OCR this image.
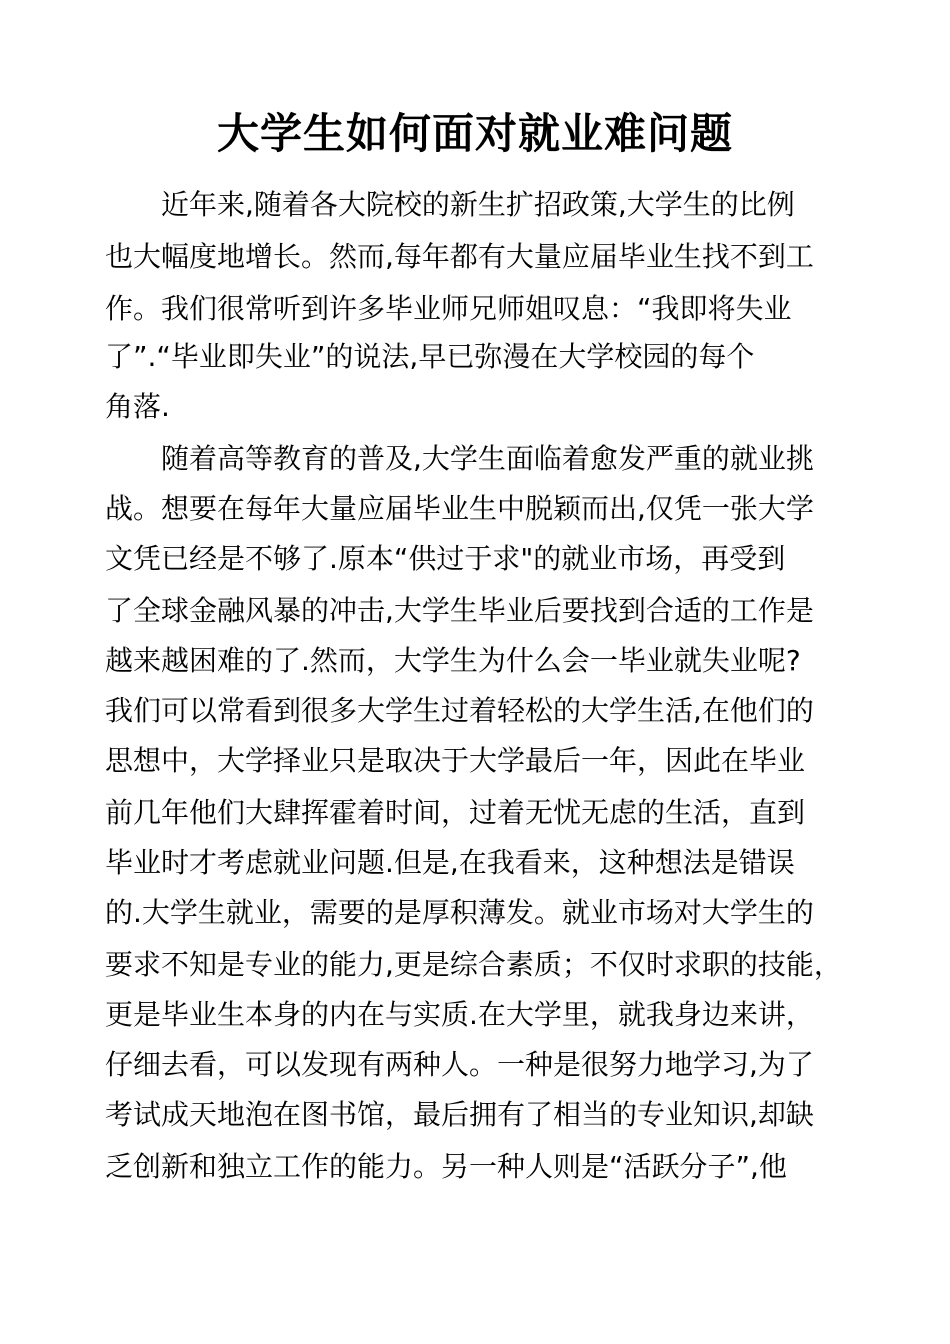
大学生如何面对就业难问题

近年来,随着各大院校的新生扩招政策,大学生的比例

也大幅度地增长。然而,每年都有大量应届毕业生找不到工

作。我们很常听到许多毕业师兄师姐叹息：“我即将失业

了”.“毕业即失业”的说法,早已弥漫在大学校园的每个

角落.

随着高等教育的普及,大学生面临着愈发严重的就业挑

战。想要在每年大量应届毕业生中脱颖而出,仅凭一张大学

文凭已经是不够了.原本“供过于求"的就业市场，再受到

了全球金融风暴的冲击,大学生毕业后要找到合适的工作是

越来越困难的了.然而，大学生为什么会一毕业就失业呢?

我们可以常看到很多大学生过着轻松的大学生活,在他们的

思想中，大学择业只是取决于大学最后一年，因此在毕业

前几年他们大肆挥霍着时间，过着无忧无虑的生活，直到

毕业时才考虑就业问题.但是,在我看来，这种想法是错误

的.大学生就业，需要的是厚积薄发。就业市场对大学生的

要求不知是专业的能力,更是综合素质；不仅时求职的技能，

更是毕业生本身的内在与实质.在大学里，就我身边来讲，

仔细去看，可以发现有两种人。一种是很努力地学习,为了

考试成天地泡在图书馆，最后拥有了相当的专业知识,却缺

乏创新和独立工作的能力。另一种人则是“活跃分子”,他
